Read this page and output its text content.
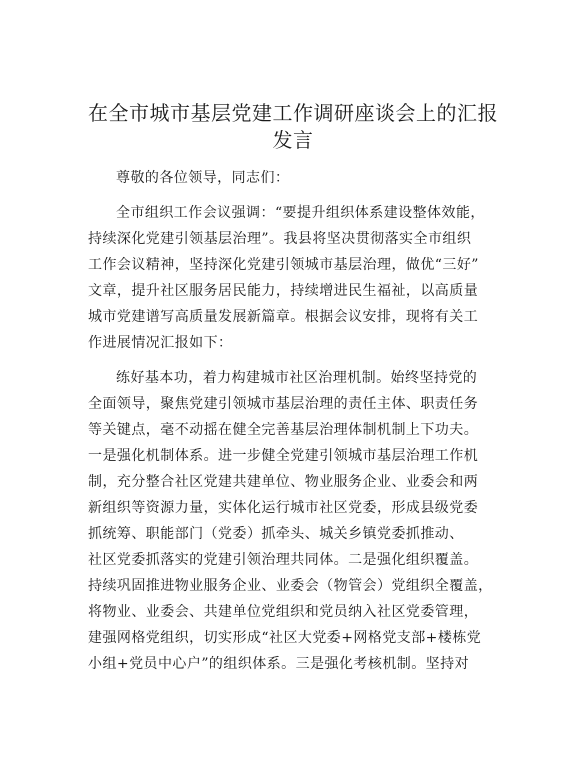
在全市城市基层党建工作调研座谈会上的汇报
发言

尊敬的各位领导，同志们：

全市组织工作会议强调：“要提升组织体系建设整体效能，

持续深化党建引领基层治理”。我县将坚决贯彻落实全市组织

工作会议精神，坚持深化党建引领城市基层治理，做优“三好”

文章，提升社区服务居民能力，持续增进民生福祉，以高质量

城市党建谱写高质量发展新篇章。根据会议安排，现将有关工

作进展情况汇报如下：

练好基本功，着力构建城市社区治理机制。始终坚持党的

全面领导，聚焦党建引领城市基层治理的责任主体、职责任务

等关键点，毫不动摇在健全完善基层治理体制机制上下功夫。

一是强化机制体系。进一步健全党建引领城市基层治理工作机

制，充分整合社区党建共建单位、物业服务企业、业委会和两

新组织等资源力量，实体化运行城市社区党委，形成县级党委

抓统筹、职能部门（党委）抓牵头、城关乡镇党委抓推动、

社区党委抓落实的党建引领治理共同体。二是强化组织覆盖。

持续巩固推进物业服务企业、业委会（物管会）党组织全覆盖，

将物业、业委会、共建单位党组织和党员纳入社区党委管理，

建强网格党组织，切实形成“社区大党委+网格党支部+楼栋党

小组+党员中心户”的组织体系。三是强化考核机制。坚持对
